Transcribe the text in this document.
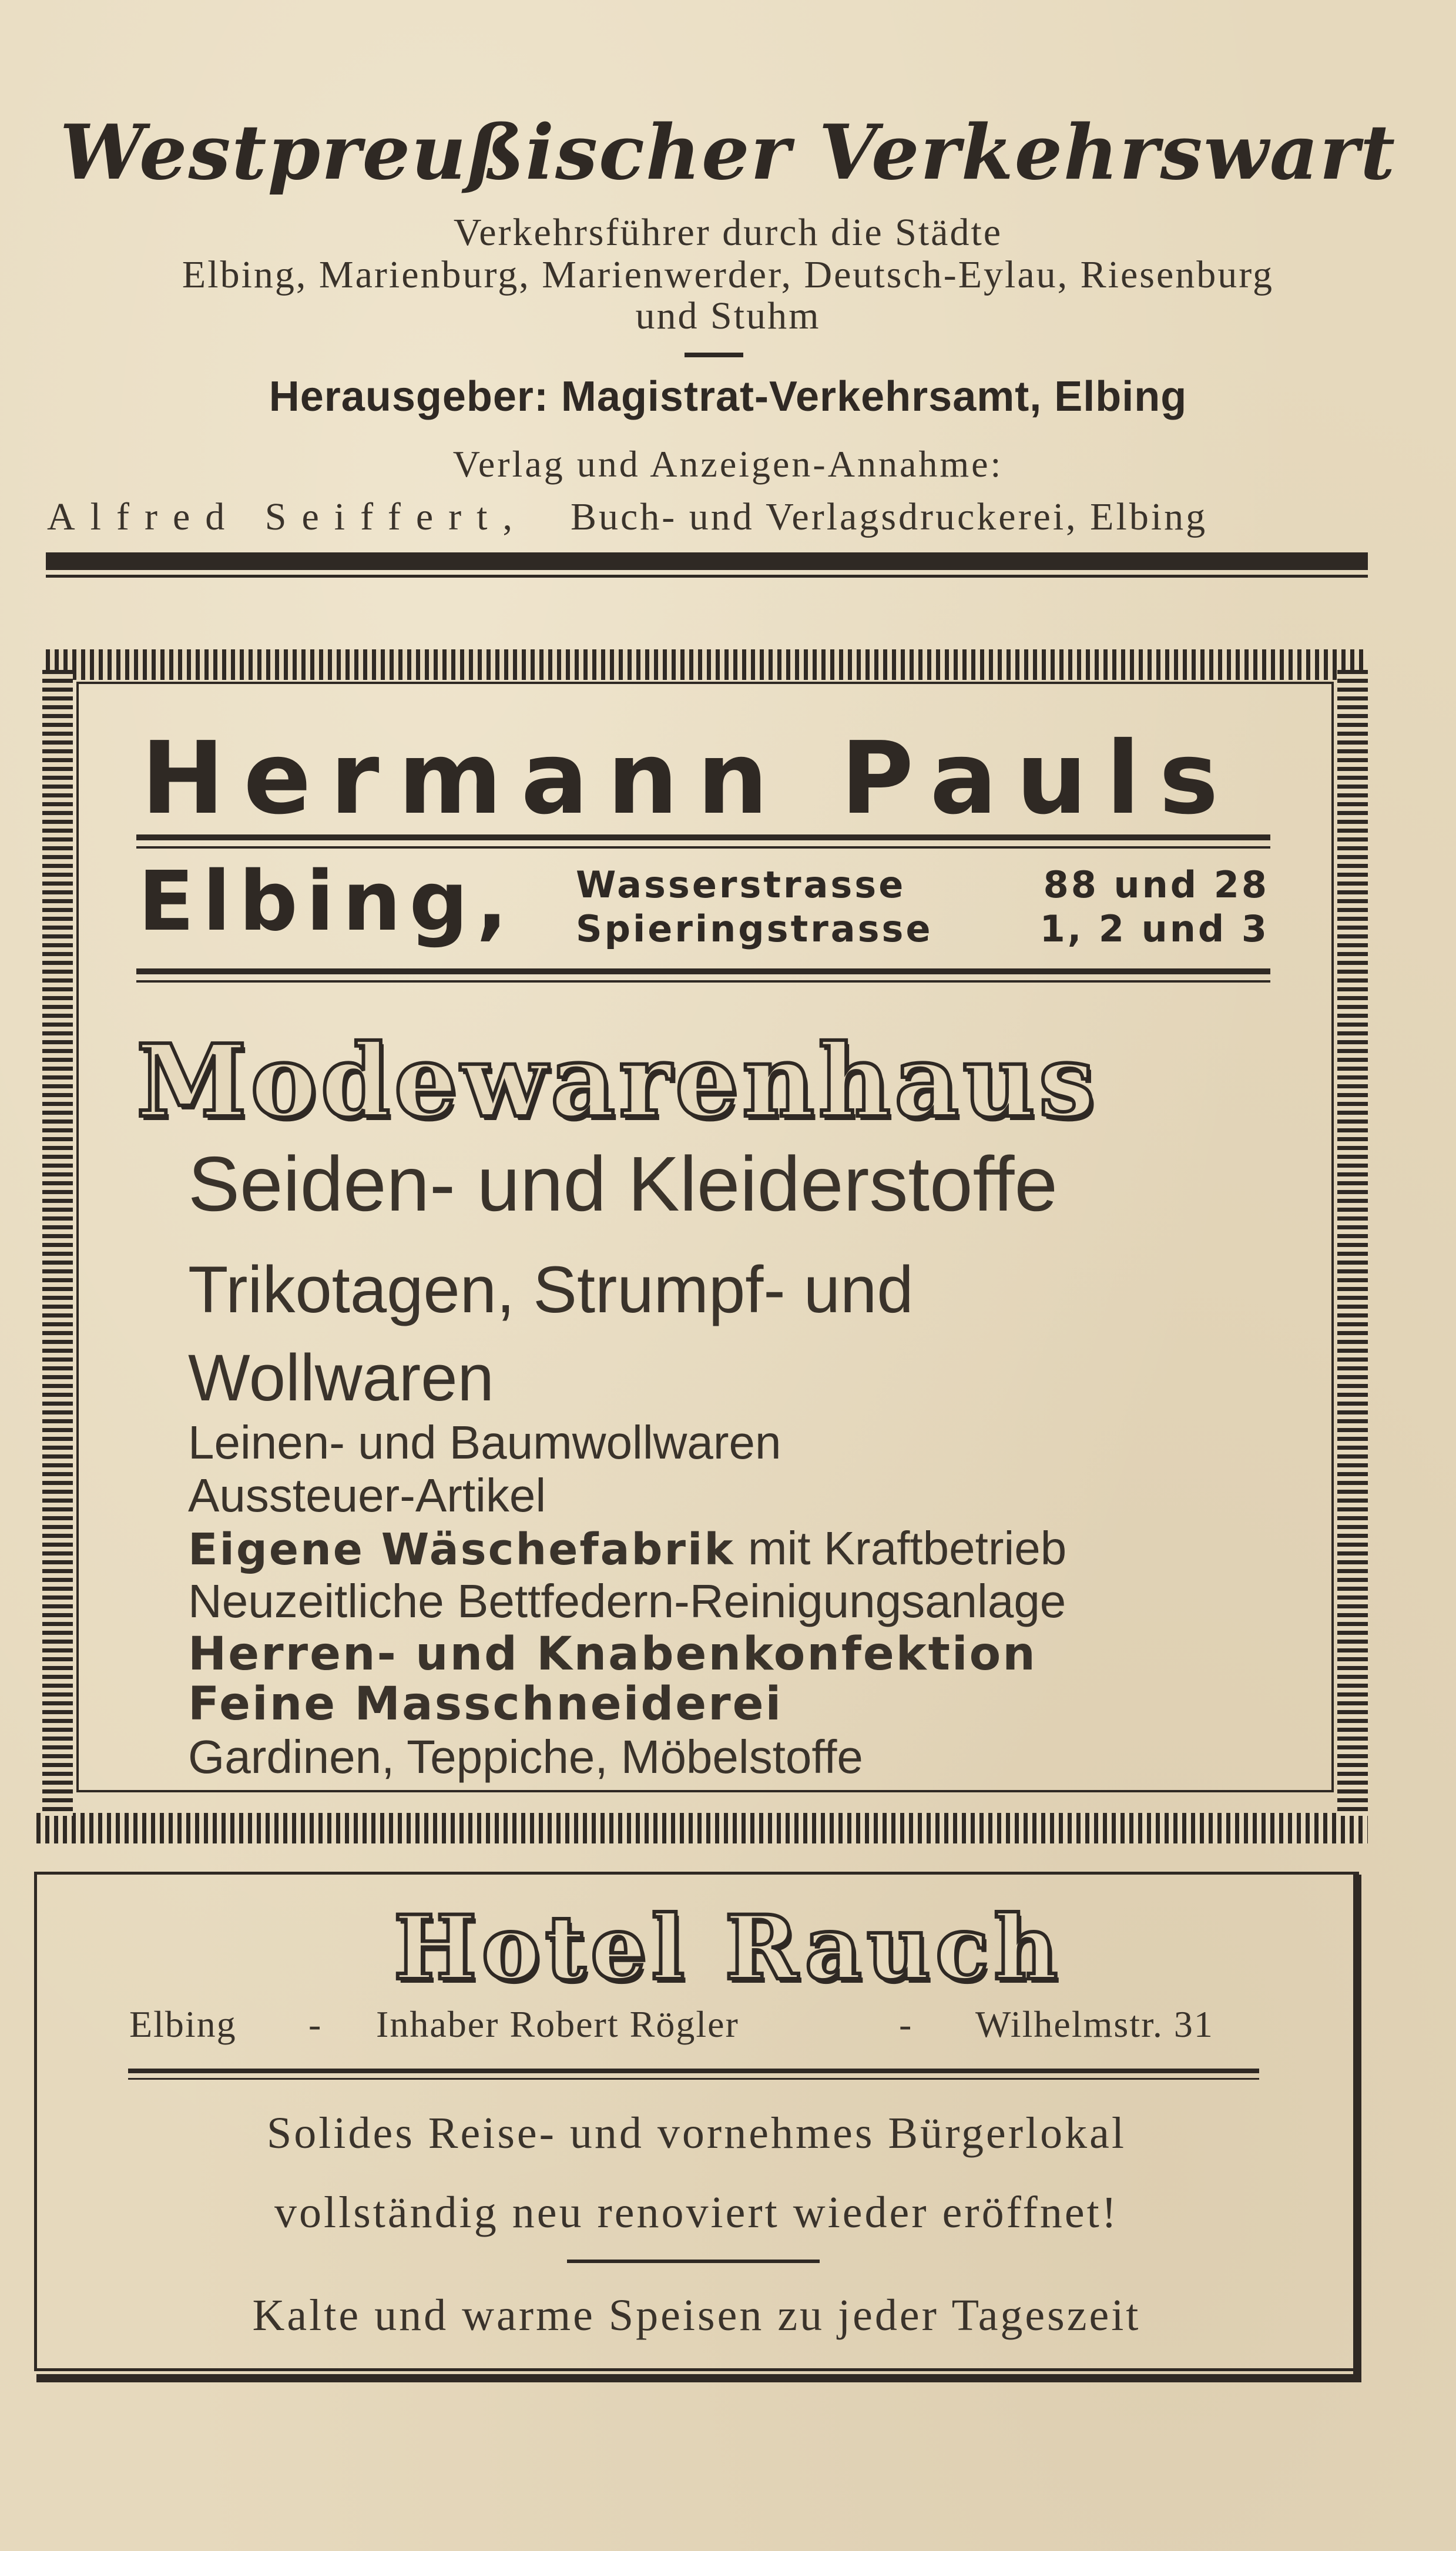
Westpreußischer Verkehrswart
Verkehrsführer durch die Städte
Elbing, Marienburg, Marienwerder, Deutsch-Eylau, Riesenburg
und Stuhm
Herausgeber: Magistrat-Verkehrsamt, Elbing
Verlag und Anzeigen-Annahme:
Alfred Seiffert, Buch- und Verlagsdruckerei, Elbing
Hermann Pauls
Elbing, Wasserstrasse	88 und 28
Spieringstrasse	1, 2 und 3
Modewarenhaus
Seiden- und Kleiderstoffe
Trikotagen, Strumpf- und
Wollwaren
Leinen- und Baumwollwaren
Aussteuer-Artikel
Eigene Wäschefabrik mit Kraftbetrieb
Neuzeitliche Bettfedern-Reinigungsanlage
Herren- und Knabenkonfektion
Feine Masschneiderei
Gardinen, Teppiche, Möbelstoffe
Hotel Rauch
Elbing - Inhaber Robert Rögler	- Wilhelmstr. 31
Solides Reise- und vornehmes Bürgerlokal
vollständig neu renoviert wieder eröffnet!
Kalte und warme Speisen zu jeder Tageszeit
